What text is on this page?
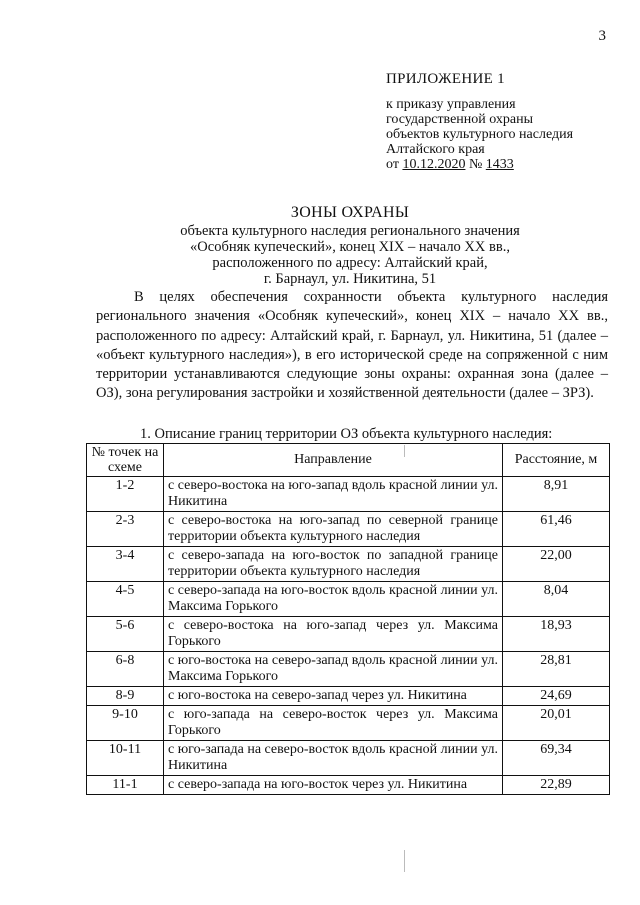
3
ПРИЛОЖЕНИЕ 1
к приказу управления
государственной охраны
объектов культурного наследия
Алтайского края
от 10.12.2020 № 1433
ЗОНЫ ОХРАНЫ
объекта культурного наследия регионального значения
«Особняк купеческий», конец XIX – начало XX вв.,
расположенного по адресу: Алтайский край,
г. Барнаул, ул. Никитина, 51

В целях обеспечения сохранности объекта культурного наследия регионального значения «Особняк купеческий», конец XIX – начало XX вв., расположенного по адресу: Алтайский край, г. Барнаул, ул. Никитина, 51 (далее – «объект культурного наследия»), в его исторической среде на сопряженной с ним территории устанавливаются следующие зоны охраны: охранная зона (далее – ОЗ), зона регулирования застройки и хозяйственной деятельности (далее – ЗРЗ).

1. Описание границ территории ОЗ объекта культурного наследия:
№ точек на схеме	Направление	Расстояние, м
1-2	с северо-востока на юго-запад вдоль красной линии ул. Никитина	8,91
2-3	с северо-востока на юго-запад по северной границе территории объекта культурного наследия	61,46
3-4	с северо-запада на юго-восток по западной границе территории объекта культурного наследия	22,00
4-5	с северо-запада на юго-восток вдоль красной линии ул. Максима Горького	8,04
5-6	с северо-востока на юго-запад через ул. Максима Горького	18,93
6-8	с юго-востока на северо-запад вдоль красной линии ул. Максима Горького	28,81
8-9	с юго-востока на северо-запад через ул. Никитина	24,69
9-10	с юго-запада на северо-восток через ул. Максима Горького	20,01
10-11	с юго-запада на северо-восток вдоль красной линии ул. Никитина	69,34
11-1	с северо-запада на юго-восток через ул. Никитина	22,89
